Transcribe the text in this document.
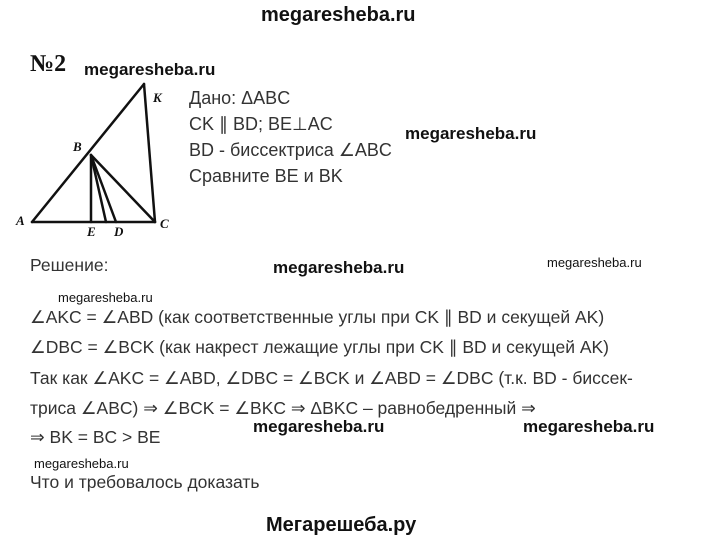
megaresheba.ru
№2 megaresheba.ru
A
B
C
D
E
K Дано: ΔABC
CK ∥ BD; BE⊥AC
BD - биссектриса ∠ABC
Сравните BE и BK
megaresheba.ru
Решение:	megaresheba.ru	megaresheba.ru
megaresheba.ru
∠AKC = ∠ABD (как соответственные углы при CK ∥ BD и секущей AK)
∠DBC = ∠BCK (как накрест лежащие углы при CK ∥ BD и секущей AK)
Так как ∠AKC = ∠ABD, ∠DBC = ∠BCK и ∠ABD = ∠DBC (т.к. BD - биссек-
триса ∠ABC) ⇒ ∠BCK = ∠BKC ⇒ ΔBKC – равнобедренный ⇒
⇒ BK = BC > BE
megaresheba.ru	megaresheba.ru
megaresheba.ru
Что и требовалось доказать
Мегарешеба.ру
